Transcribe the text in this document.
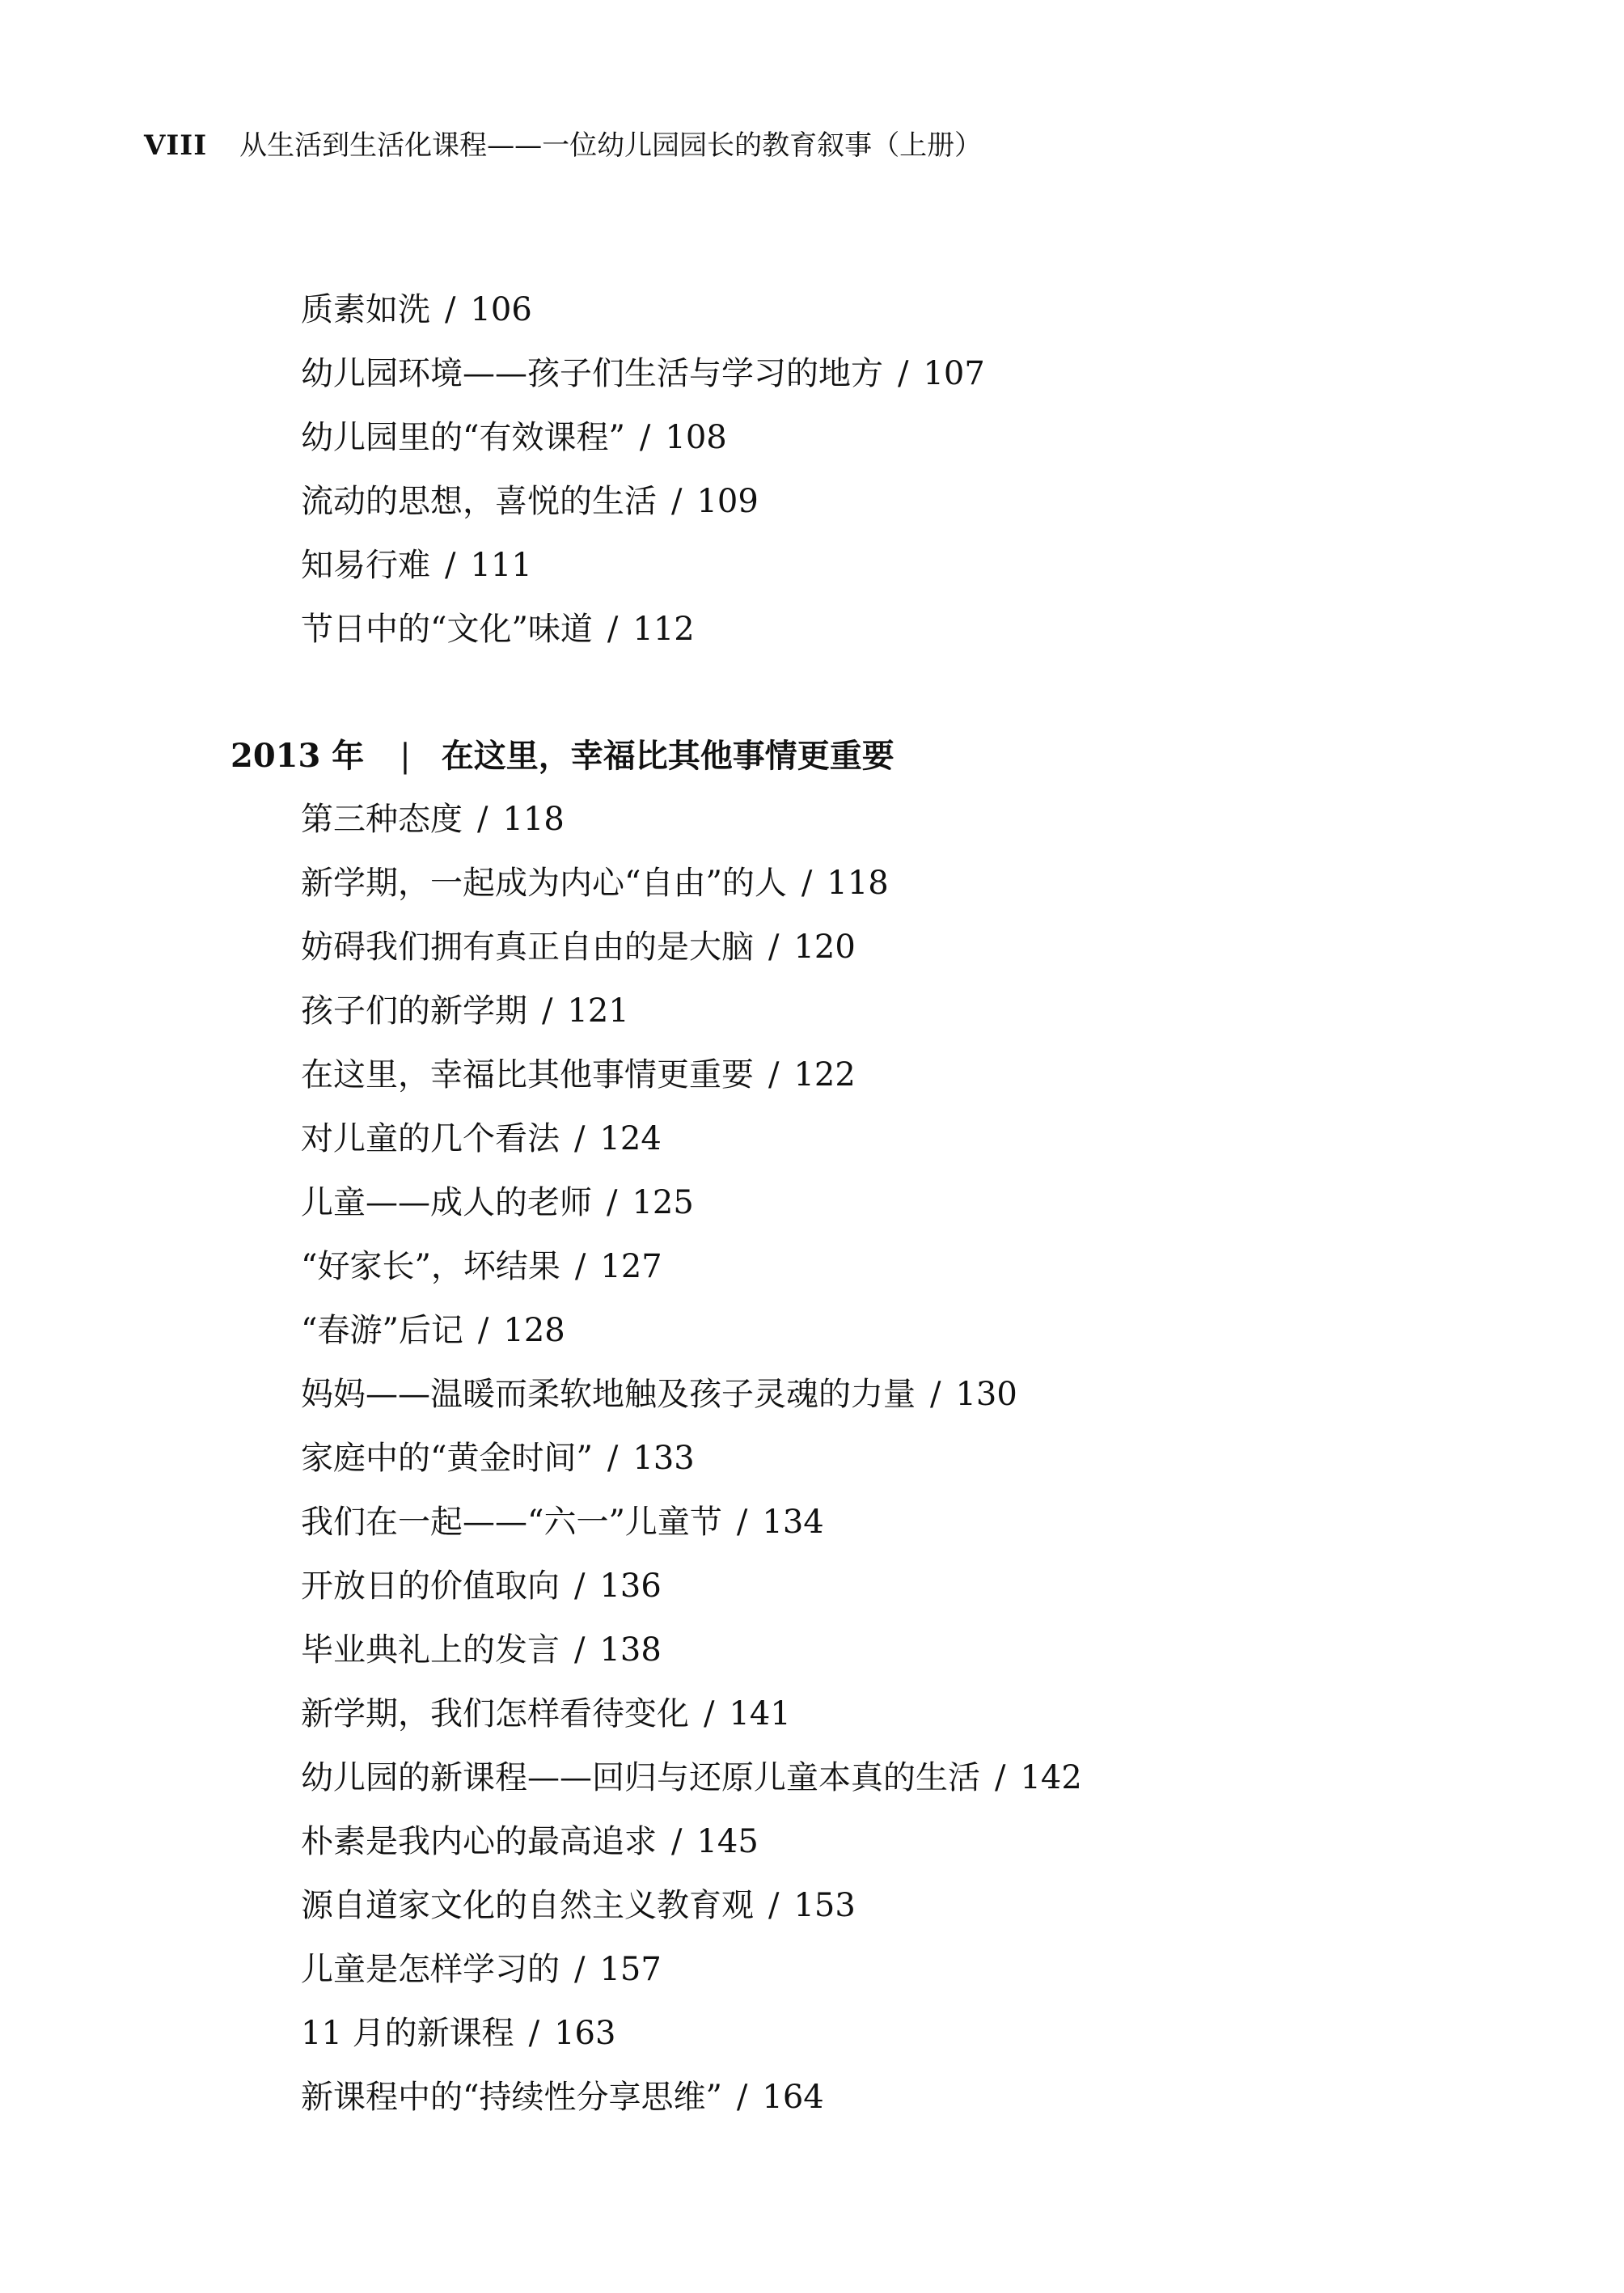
VIII 从生活到生活化课程——一位幼儿园园长的教育叙事（上册）
质素如洗 / 106
幼儿园环境——孩子们生活与学习的地方 / 107
幼儿园里的“有效课程” / 108
流动的思想，喜悦的生活 / 109
知易行难 / 111
节日中的“文化”味道 / 112
2013 年 | 在这里，幸福比其他事情更重要
第三种态度 / 118
新学期，一起成为内心“自由”的人 / 118
妨碍我们拥有真正自由的是大脑 / 120
孩子们的新学期 / 121
在这里，幸福比其他事情更重要 / 122
对儿童的几个看法 / 124
儿童——成人的老师 / 125
“好家长”，坏结果 / 127
“春游”后记 / 128
妈妈——温暖而柔软地触及孩子灵魂的力量 / 130
家庭中的“黄金时间” / 133
我们在一起——“六一”儿童节 / 134
开放日的价值取向 / 136
毕业典礼上的发言 / 138
新学期，我们怎样看待变化 / 141
幼儿园的新课程——回归与还原儿童本真的生活 / 142
朴素是我内心的最高追求 / 145
源自道家文化的自然主义教育观 / 153
儿童是怎样学习的 / 157
11 月的新课程 / 163
新课程中的“持续性分享思维” / 164
